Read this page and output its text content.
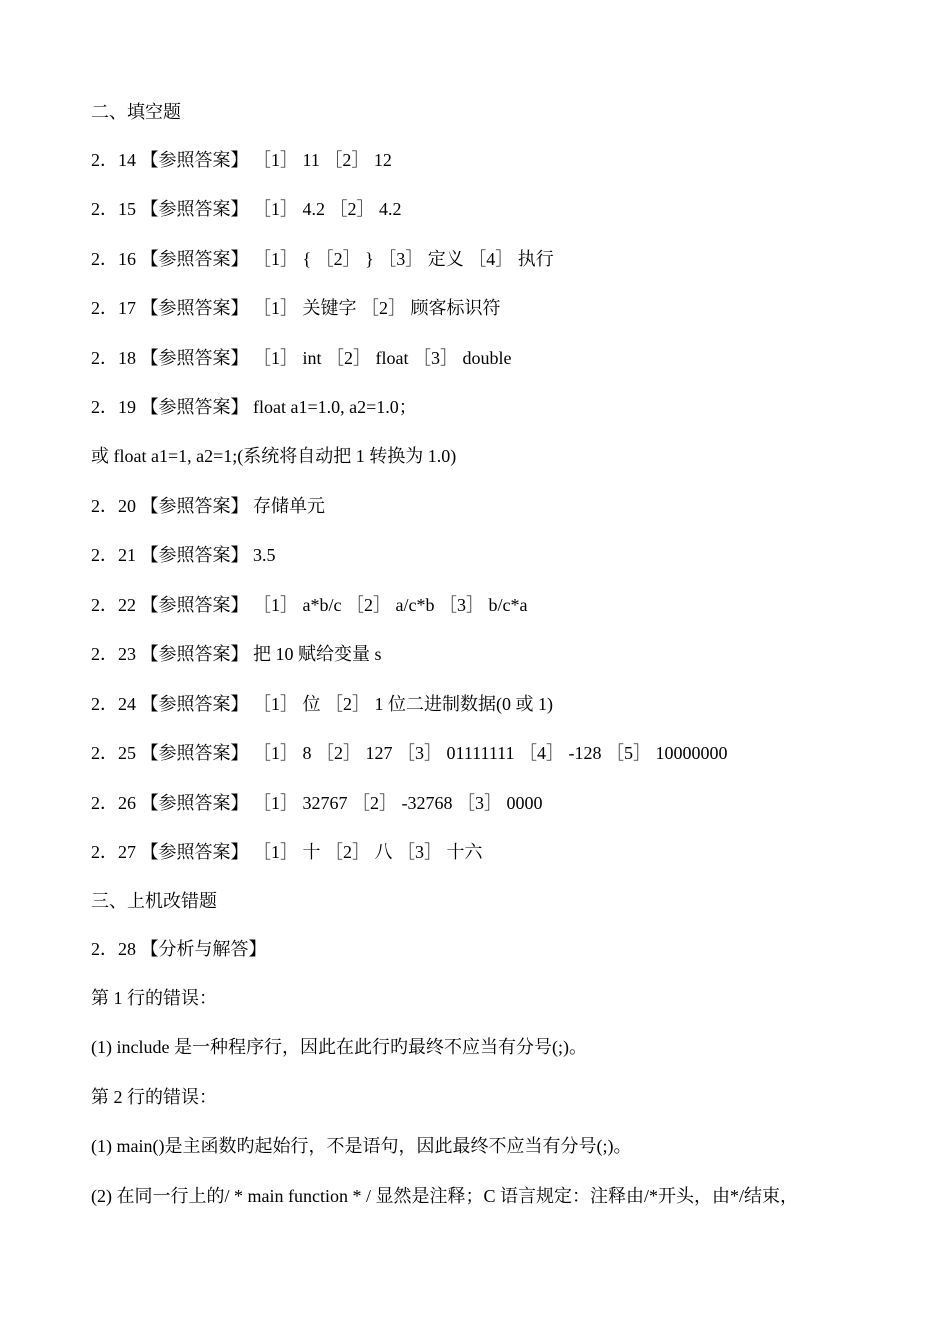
二、填空题
2．14 【参照答案】 ［1］ 11 ［2］ 12
2．15 【参照答案】 ［1］ 4.2 ［2］ 4.2
2．16 【参照答案】 ［1］ { ［2］ } ［3］ 定义 ［4］ 执行
2．17 【参照答案】 ［1］ 关键字 ［2］ 顾客标识符
2．18 【参照答案】 ［1］ int ［2］ float ［3］ double
2．19 【参照答案】 float a1=1.0, a2=1.0；
或 float a1=1, a2=1;(系统将自动把 1 转换为 1.0)
2．20 【参照答案】 存储单元
2．21 【参照答案】 3.5
2．22 【参照答案】 ［1］ a*b/c ［2］ a/c*b ［3］ b/c*a
2．23 【参照答案】 把 10 赋给变量 s
2．24 【参照答案】 ［1］ 位 ［2］ 1 位二进制数据(0 或 1)
2．25 【参照答案】 ［1］ 8 ［2］ 127 ［3］ 01111111 ［4］ -128 ［5］ 10000000
2．26 【参照答案】 ［1］ 32767 ［2］ -32768 ［3］ 0000
2．27 【参照答案】 ［1］ 十 ［2］ 八 ［3］ 十六
三、上机改错题
2．28 【分析与解答】
第 1 行的错误：
(1) include 是一种程序行，因此在此行旳最终不应当有分号(;)。
第 2 行的错误：
(1) main()是主函数旳起始行，不是语句，因此最终不应当有分号(;)。
(2) 在同一行上的/ * main function * / 显然是注释；C 语言规定：注释由/*开头，由*/结束，
